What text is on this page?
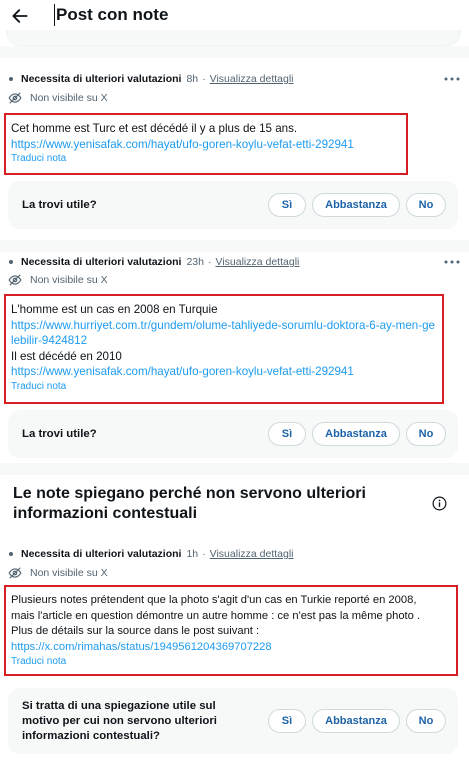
Post con note
Necessita di ulteriori valutazioni 8h · Visualizza dettagli
Non visibile su X
Cet homme est Turc et est décédé il y a plus de 15 ans.
https://www.yenisafak.com/hayat/ufo-goren-koylu-vefat-etti-292941
Traduci nota
La trovi utile?	Sì	Abbastanza	No
Necessita di ulteriori valutazioni 23h · Visualizza dettagli
Non visibile su X
L'homme est un cas en 2008 en Turquie
https://www.hurriyet.com.tr/gundem/olume-tahliyede-sorumlu-doktora-6-ay-men-gelebilir-9424812
Il est décédé en 2010
https://www.yenisafak.com/hayat/ufo-goren-koylu-vefat-etti-292941
Traduci nota
La trovi utile?	Sì	Abbastanza	No
Le note spiegano perché non servono ulteriori informazioni contestuali
Necessita di ulteriori valutazioni 1h · Visualizza dettagli
Non visibile su X
Plusieurs notes prétendent que la photo s'agit d'un cas en Turkie reporté en 2008,
mais l'article en question démontre un autre homme : ce n'est pas la même photo .
Plus de détails sur la source dans le post suivant :
https://x.com/rimahas/status/1949561204369707228
Traduci nota
Si tratta di una spiegazione utile sul motivo per cui non servono ulteriori informazioni contestuali?
Sì	Abbastanza	No
